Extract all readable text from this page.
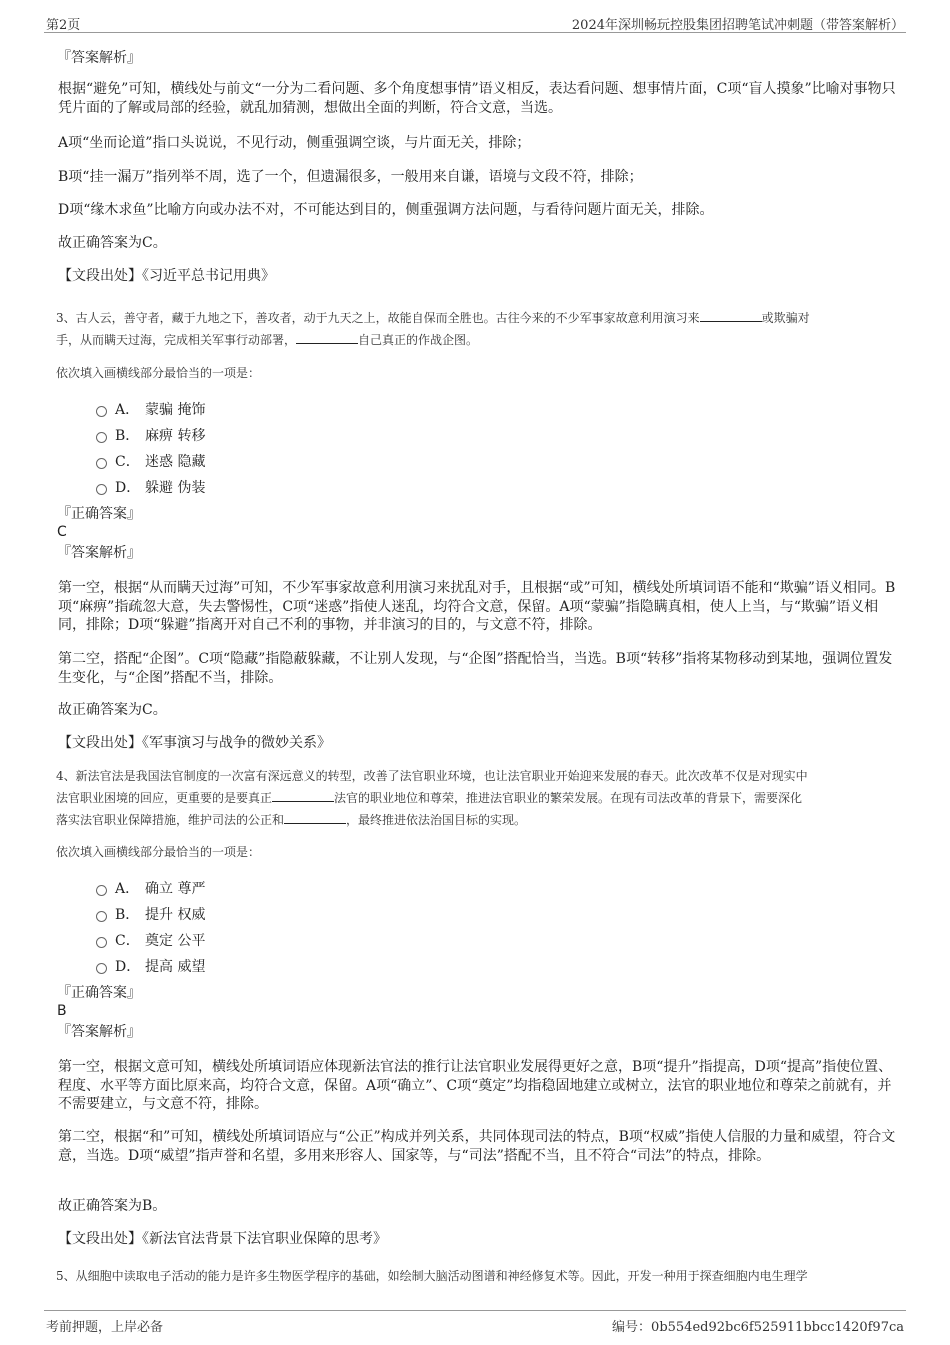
第2页	2024年深圳畅玩控股集团招聘笔试冲刺题（带答案解析）
『答案解析』
根据“避免”可知，横线处与前文“一分为二看问题、多个角度想事情”语义相反，表达看问题、想事情片面，C项“盲人摸象”比喻对事物只凭片面的了解或局部的经验，就乱加猜测，想做出全面的判断，符合文意，当选。
A项“坐而论道”指口头说说，不见行动，侧重强调空谈，与片面无关，排除；
B项“挂一漏万”指列举不周，选了一个，但遗漏很多，一般用来自谦，语境与文段不符，排除；
D项“缘木求鱼”比喻方向或办法不对，不可能达到目的，侧重强调方法问题，与看待问题片面无关，排除。
故正确答案为C。
【文段出处】《习近平总书记用典》
3、古人云，善守者，藏于九地之下，善攻者，动于九天之上，故能自保而全胜也。古往今来的不少军事家故意利用演习来	或欺骗对
手，从而瞒天过海，完成相关军事行动部署，	自己真正的作战企图。
依次填入画横线部分最恰当的一项是：
A． 蒙骗 掩饰
B． 麻痹 转移
C． 迷惑 隐藏
D． 躲避 伪装
『正确答案』
C
『答案解析』
第一空，根据“从而瞒天过海”可知，不少军事家故意利用演习来扰乱对手，且根据“或”可知，横线处所填词语不能和“欺骗”语义相同。B项“麻痹”指疏忽大意，失去警惕性，C项“迷惑”指使人迷乱，均符合文意，保留。A项“蒙骗”指隐瞒真相，使人上当，与“欺骗”语义相同，排除；D项“躲避”指离开对自己不利的事物，并非演习的目的，与文意不符，排除。
第二空，搭配“企图”。C项“隐藏”指隐蔽躲藏，不让别人发现，与“企图”搭配恰当，当选。B项“转移”指将某物移动到某地，强调位置发生变化，与“企图”搭配不当，排除。
故正确答案为C。
【文段出处】《军事演习与战争的微妙关系》
4、新法官法是我国法官制度的一次富有深远意义的转型，改善了法官职业环境，也让法官职业开始迎来发展的春天。此次改革不仅是对现实中
法官职业困境的回应，更重要的是要真正	法官的职业地位和尊荣，推进法官职业的繁荣发展。在现有司法改革的背景下，需要深化
落实法官职业保障措施，维护司法的公正和	，最终推进依法治国目标的实现。
依次填入画横线部分最恰当的一项是：
A． 确立 尊严
B． 提升 权威
C． 奠定 公平
D． 提高 威望
『正确答案』
B
『答案解析』
第一空，根据文意可知，横线处所填词语应体现新法官法的推行让法官职业发展得更好之意，B项“提升”指提高，D项“提高”指使位置、程度、水平等方面比原来高，均符合文意，保留。A项“确立”、C项“奠定”均指稳固地建立或树立，法官的职业地位和尊荣之前就有，并不需要建立，与文意不符，排除。
第二空，根据“和”可知，横线处所填词语应与“公正”构成并列关系，共同体现司法的特点，B项“权威”指使人信服的力量和威望，符合文意，当选。D项“威望”指声誉和名望，多用来形容人、国家等，与“司法”搭配不当，且不符合“司法”的特点，排除。
故正确答案为B。
【文段出处】《新法官法背景下法官职业保障的思考》
5、从细胞中读取电子活动的能力是许多生物医学程序的基础，如绘制大脑活动图谱和神经修复术等。因此，开发一种用于探查细胞内电生理学
考前押题，上岸必备	编号：0b554ed92bc6f525911bbcc1420f97ca
